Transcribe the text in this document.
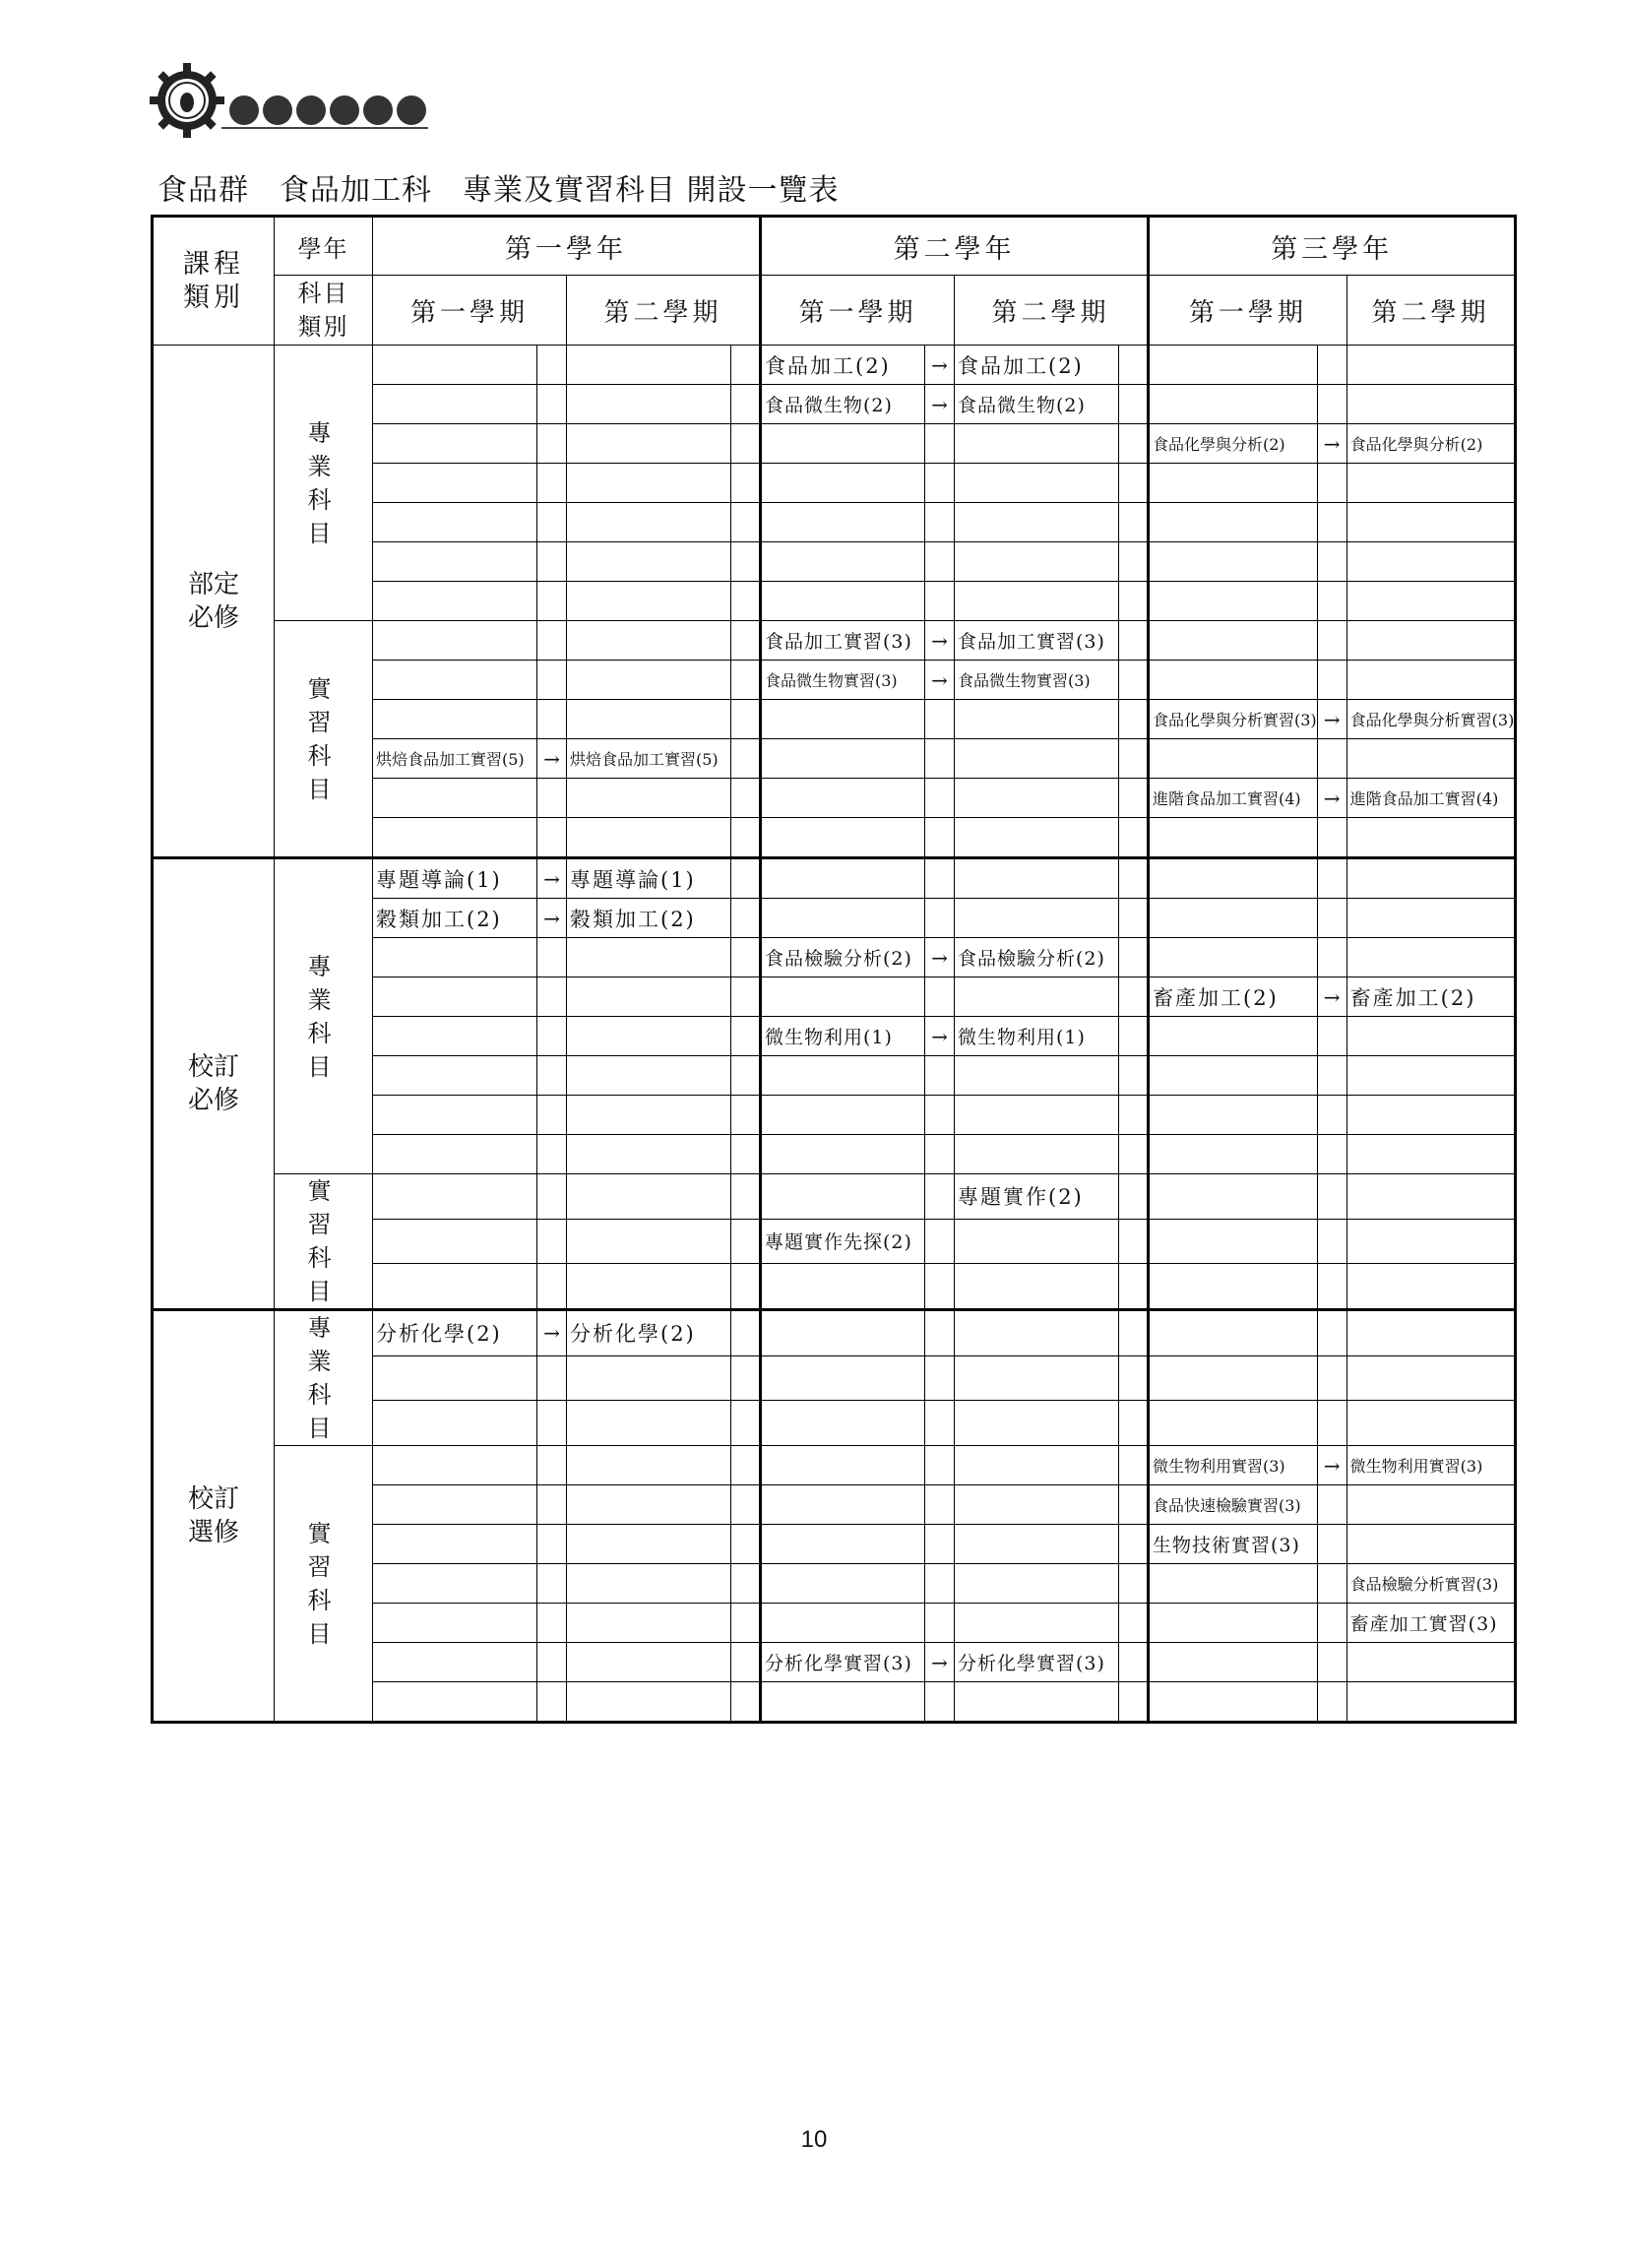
食品群　食品加工科　專業及實習科目 開設一覽表
課程類別	學年	第一學年				第二學年				第三學年		
	科目類別	第一學期		第二學期		第一學期		第二學期		第一學期		第二學期
部定必修	專業科目					食品加工(2)	→	食品加工(2)				
						食品微生物(2)	→	食品微生物(2)				
										食品化學與分析(2)	→	食品化學與分析(2)

	實習科目					食品加工實習(3)	→	食品加工實習(3)				
						食品微生物實習(3)	→	食品微生物實習(3)				
										食品化學與分析實習(3)	→	食品化學與分析實習(3)
		烘焙食品加工實習(5)	→	烘焙食品加工實習(5)								
										進階食品加工實習(4)	→	進階食品加工實習(4)

校訂必修	專業科目	專題導論(1)	→	專題導論(1)								
		穀類加工(2)	→	穀類加工(2)								
						食品檢驗分析(2)	→	食品檢驗分析(2)				
										畜產加工(2)	→	畜產加工(2)
						微生物利用(1)	→	微生物利用(1)				

	實習科目							專題實作(2)				
						專題實作先探(2)						

校訂選修	專業科目	分析化學(2)	→	分析化學(2)								

	實習科目									微生物利用實習(3)	→	微生物利用實習(3)
										食品快速檢驗實習(3)		
										生物技術實習(3)		
												食品檢驗分析實習(3)
												畜產加工實習(3)
						分析化學實習(3)	→	分析化學實習(3)				

10
